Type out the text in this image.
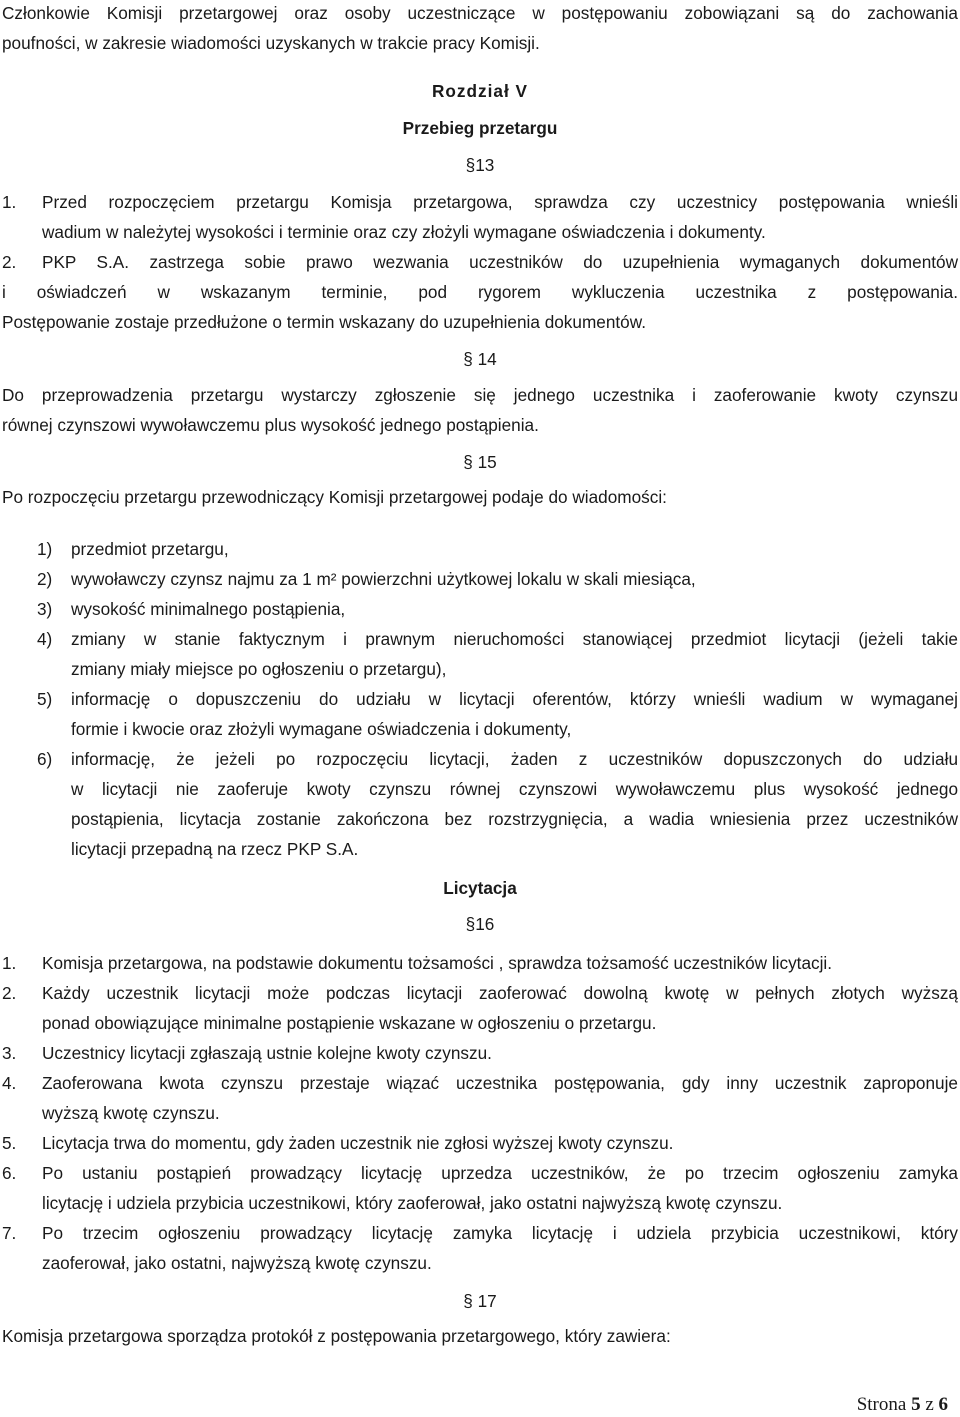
Członkowie Komisji przetargowej oraz osoby uczestniczące w postępowaniu zobowiązani są do zachowania
poufności, w zakresie wiadomości uzyskanych w trakcie pracy Komisji.
Rozdział V
Przebieg przetargu
§13
1. Przed rozpoczęciem przetargu Komisja przetargowa, sprawdza czy uczestnicy postępowania wnieśli
wadium w należytej wysokości i terminie oraz czy złożyli wymagane oświadczenia i dokumenty.
2. PKP S.A. zastrzega sobie prawo wezwania uczestników do uzupełnienia wymaganych dokumentów
i oświadczeń w wskazanym terminie, pod rygorem wykluczenia uczestnika z postępowania.
Postępowanie zostaje przedłużone o termin wskazany do uzupełnienia dokumentów.
§ 14
Do przeprowadzenia przetargu wystarczy zgłoszenie się jednego uczestnika i zaoferowanie kwoty czynszu
równej czynszowi wywoławczemu plus wysokość jednego postąpienia.
§ 15
Po rozpoczęciu przetargu przewodniczący Komisji przetargowej podaje do wiadomości:
1) przedmiot przetargu,
2) wywoławczy czynsz najmu za 1 m² powierzchni użytkowej lokalu w skali miesiąca,
3) wysokość minimalnego postąpienia,
4) zmiany w stanie faktycznym i prawnym nieruchomości stanowiącej przedmiot licytacji (jeżeli takie
zmiany miały miejsce po ogłoszeniu o przetargu),
5) informację o dopuszczeniu do udziału w licytacji oferentów, którzy wnieśli wadium w wymaganej
formie i kwocie oraz złożyli wymagane oświadczenia i dokumenty,
6) informację, że jeżeli po rozpoczęciu licytacji, żaden z uczestników dopuszczonych do udziału
w licytacji nie zaoferuje kwoty czynszu równej czynszowi wywoławczemu plus wysokość jednego
postąpienia, licytacja zostanie zakończona bez rozstrzygnięcia, a wadia wniesienia przez uczestników
licytacji przepadną na rzecz PKP S.A.
Licytacja
§16
1. Komisja przetargowa, na podstawie dokumentu tożsamości , sprawdza tożsamość uczestników licytacji.
2. Każdy uczestnik licytacji może podczas licytacji zaoferować dowolną kwotę w pełnych złotych wyższą
ponad obowiązujące minimalne postąpienie wskazane w ogłoszeniu o przetargu.
3. Uczestnicy licytacji zgłaszają ustnie kolejne kwoty czynszu.
4. Zaoferowana kwota czynszu przestaje wiązać uczestnika postępowania, gdy inny uczestnik zaproponuje
wyższą kwotę czynszu.
5. Licytacja trwa do momentu, gdy żaden uczestnik nie zgłosi wyższej kwoty czynszu.
6. Po ustaniu postąpień prowadzący licytację uprzedza uczestników, że po trzecim ogłoszeniu zamyka
licytację i udziela przybicia uczestnikowi, który zaoferował, jako ostatni najwyższą kwotę czynszu.
7. Po trzecim ogłoszeniu prowadzący licytację zamyka licytację i udziela przybicia uczestnikowi, który
zaoferował, jako ostatni, najwyższą kwotę czynszu.
§ 17
Komisja przetargowa sporządza protokół z postępowania przetargowego, który zawiera:
Strona 5 z 6
